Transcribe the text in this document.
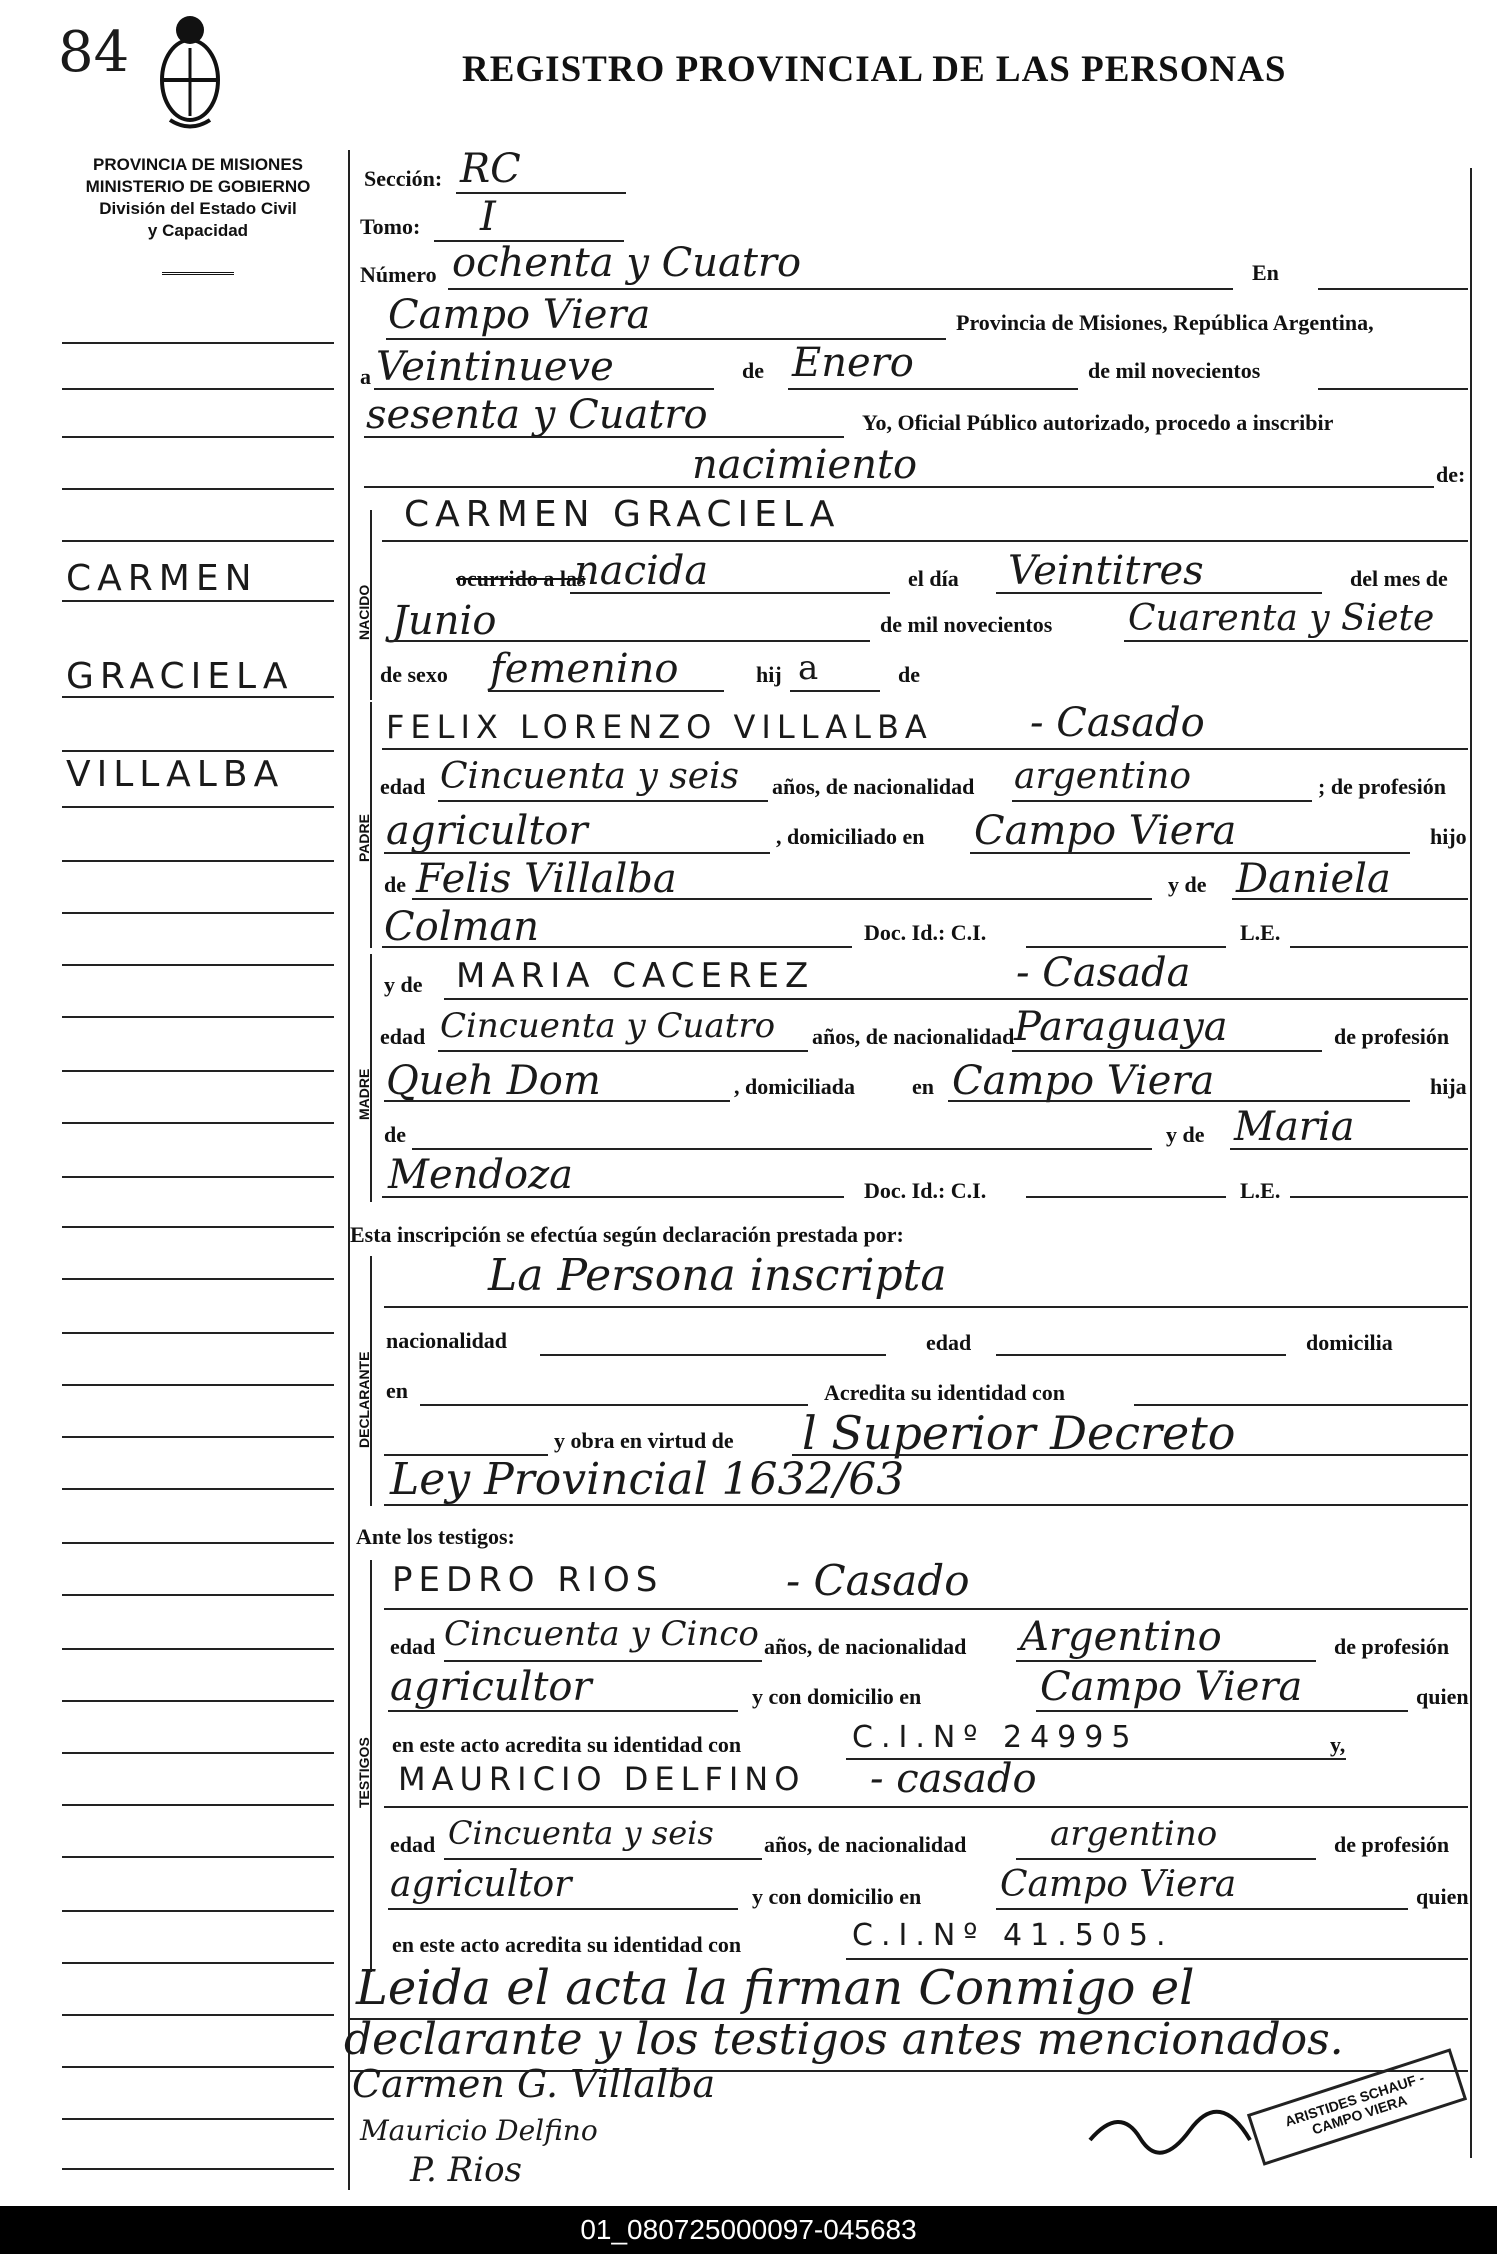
84	REGISTRO PROVINCIAL DE LAS PERSONAS
PROVINCIA DE MISIONES
MINISTERIO DE GOBIERNO
División del Estado Civil
y Capacidad
CARMEN
GRACIELA
VILLALBA
Sección: RC
Tomo: I
Número ochenta y Cuatro	En
Campo Viera	Provincia de Misiones, República Argentina,
a Veintinueve	de Enero	de mil novecientos
sesenta y Cuatro	Yo, Oficial Público autorizado, procedo a inscribir
nacimiento	de:
NACIDO
CARMEN GRACIELA
ocurrido a las
nacida	el día Veintitres	del mes de
Junio	de mil novecientos Cuarenta y Siete
de sexo femenino	hij a	de
PADRE
FELIX LORENZO VILLALBA - Casado
edad Cincuenta y seis años, de nacionalidad argentino	; de profesión
agricultor	, domiciliado en Campo Viera	hijo
de Felis Villalba	y de Daniela
Colman	Doc. Id.: C.I.	L.E.
MADRE
y de MARIA CACEREZ	- Casada
edad Cincuenta y Cuatro años, de nacionalidad Paraguaya	de profesión
Queh Dom	, domiciliada	en Campo Viera	hija
de	y de Maria
Mendoza	Doc. Id.: C.I.	L.E.
Esta inscripción se efectúa según declaración prestada por:
DECLARANTE
La Persona inscripta
nacionalidad	edad	domicilia
en	Acredita su identidad con
y obra en virtud de l Superior Decreto
Ley Provincial 1632/63
Ante los testigos:
TESTIGOS
PEDRO RIOS	- Casado
edad Cincuenta y Cinco años, de nacionalidad Argentino	de profesión
agricultor	y con domicilio en	Campo Viera	quien
en este acto acredita su identidad con	C.I.Nº 24995	y,
MAURICIO DELFINO - casado
edad Cincuenta y seis años, de nacionalidad argentino	de profesión
agricultor	y con domicilio en Campo Viera	quien
en este acto acredita su identidad con	C.I.Nº 41.505.
Leida el acta la firman Conmigo el
declarante y los testigos antes mencionados.
Carmen G. Villalba
Mauricio Delfino
P. Rios
ARISTIDES SCHAUF - CAMPO VIERA
01_080725000097-045683
